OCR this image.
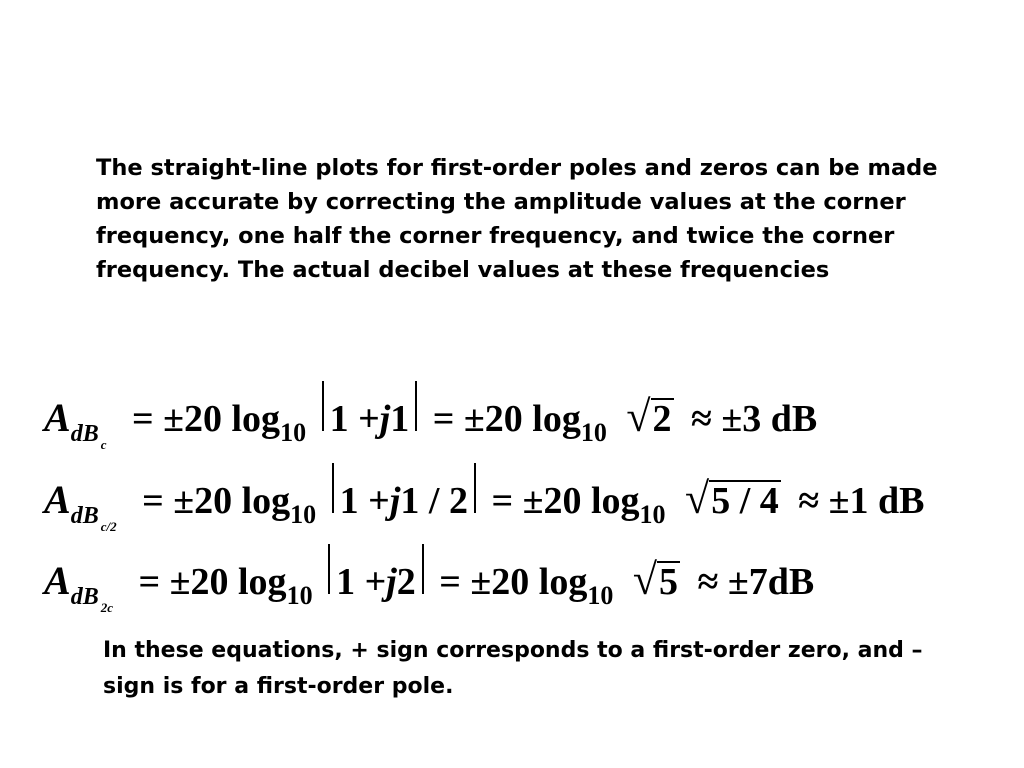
The straight-line plots for first-order poles and zeros can be made more accurate by correcting the amplitude values at the corner frequency, one half the corner frequency, and twice the corner frequency. The actual decibel values at these frequencies

AdB c = ±20 log10 1 +j1 = ±20 log10 √2 ≈ ±3 dB
AdB c/2 = ±20 log10 1 +j1 / 2 = ±20 log10 √5 / 4 ≈ ±1 dB
AdB 2c = ±20 log10 1 +j2 = ±20 log10 √5 ≈ ±7dB

In these equations, + sign corresponds to a first-order zero, and – sign is for a first-order pole.
